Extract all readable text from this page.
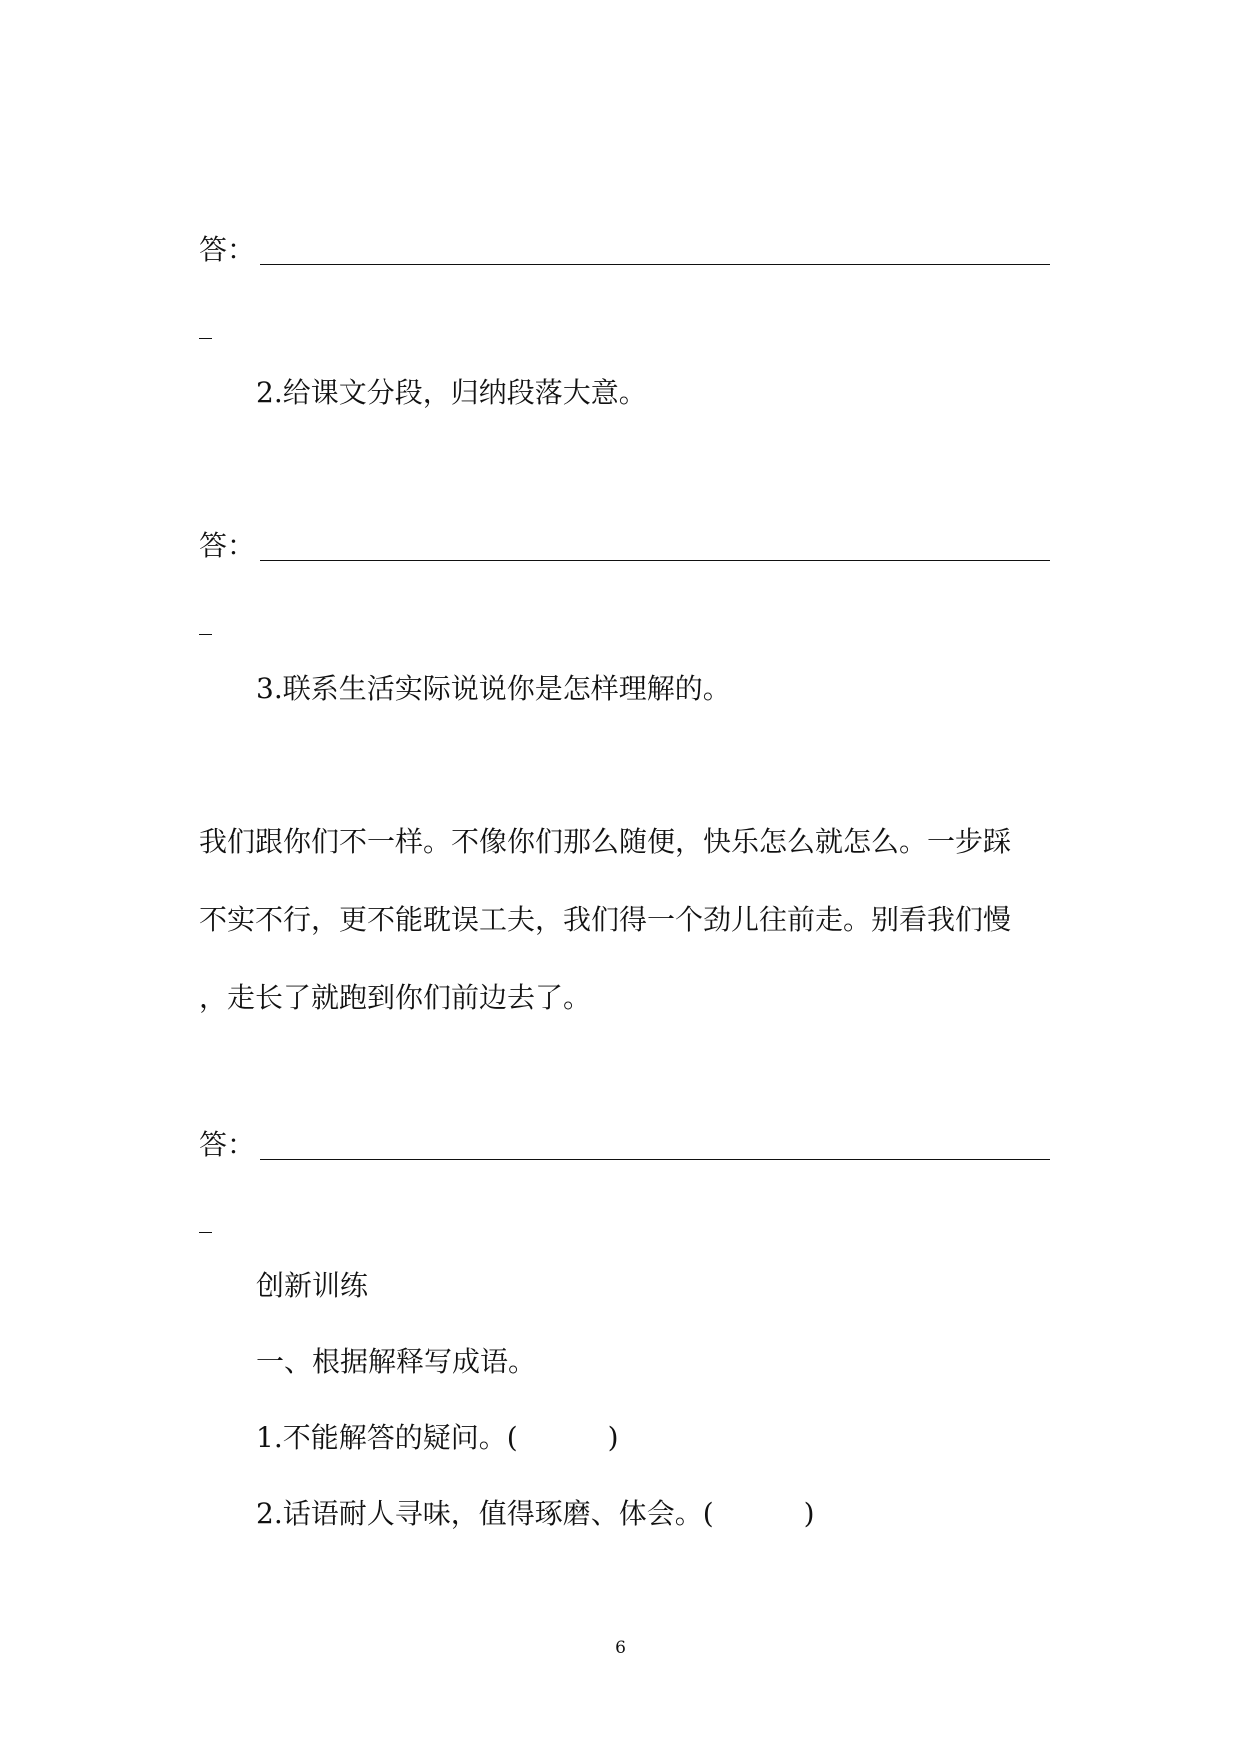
答：
2.给课文分段，归纳段落大意。
答：
3.联系生活实际说说你是怎样理解的。
我们跟你们不一样。不像你们那么随便，快乐怎么就怎么。一步踩
不实不行，更不能耽误工夫，我们得一个劲儿往前走。别看我们慢
，走长了就跑到你们前边去了。
答：
创新训练
一、根据解释写成语。
1.不能解答的疑问。(	)
2.话语耐人寻味，值得琢磨、体会。(	)
6
